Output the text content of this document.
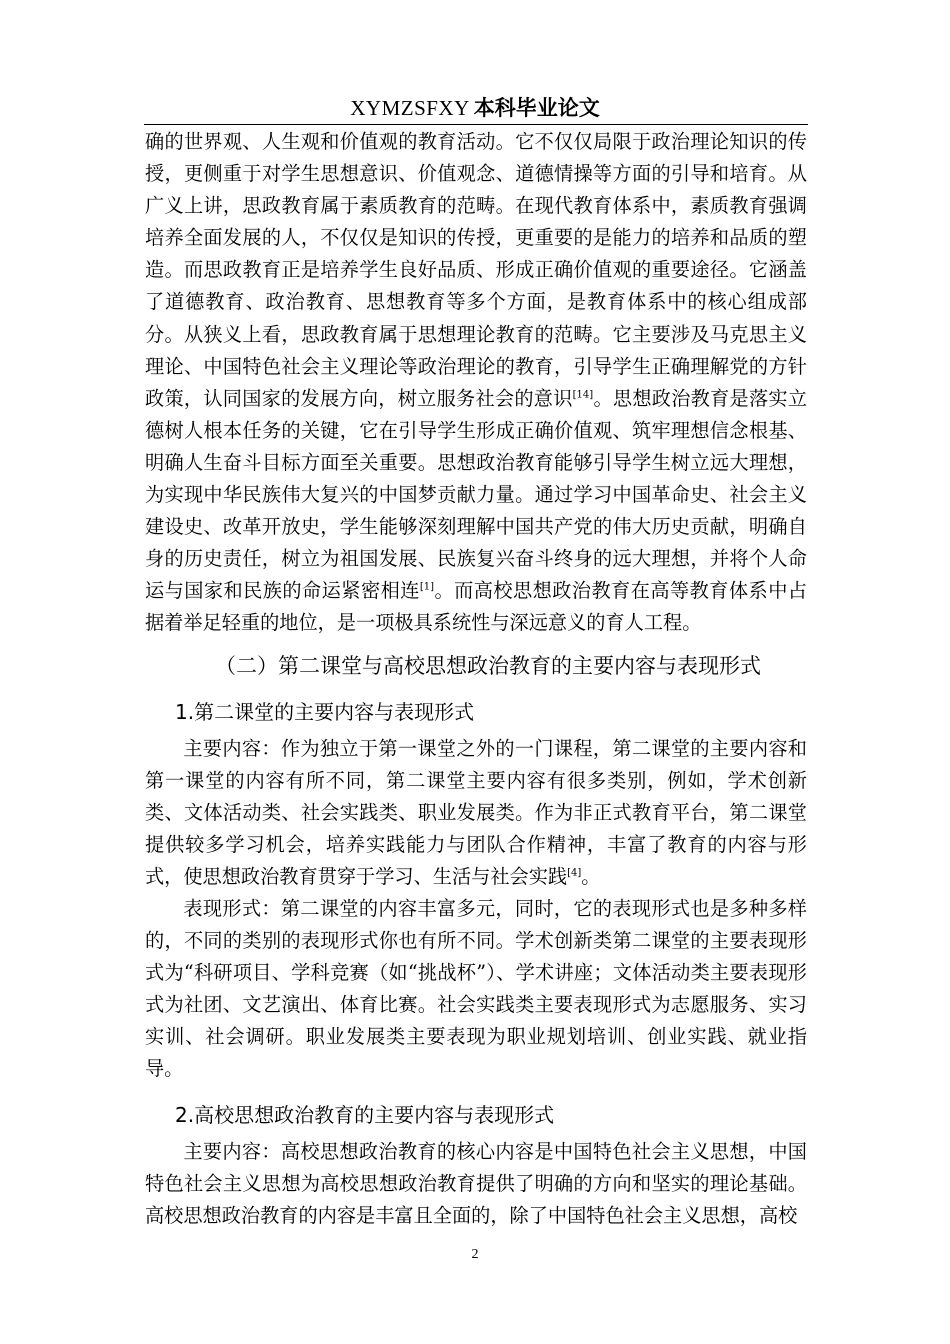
XYMZSFXY 本科毕业论文

确的世界观、人生观和价值观的教育活动。它不仅仅局限于政治理论知识的传授，更侧重于对学生思想意识、价值观念、道德情操等方面的引导和培育。从广义上讲，思政教育属于素质教育的范畴。在现代教育体系中，素质教育强调培养全面发展的人，不仅仅是知识的传授，更重要的是能力的培养和品质的塑造。而思政教育正是培养学生良好品质、形成正确价值观的重要途径。它涵盖了道德教育、政治教育、思想教育等多个方面，是教育体系中的核心组成部分。从狭义上看，思政教育属于思想理论教育的范畴。它主要涉及马克思主义理论、中国特色社会主义理论等政治理论的教育，引导学生正确理解党的方针政策，认同国家的发展方向，树立服务社会的意识[14]。思想政治教育是落实立德树人根本任务的关键，它在引导学生形成正确价值观、筑牢理想信念根基、明确人生奋斗目标方面至关重要。思想政治教育能够引导学生树立远大理想，为实现中华民族伟大复兴的中国梦贡献力量。通过学习中国革命史、社会主义建设史、改革开放史，学生能够深刻理解中国共产党的伟大历史贡献，明确自身的历史责任，树立为祖国发展、民族复兴奋斗终身的远大理想，并将个人命运与国家和民族的命运紧密相连[1]。而高校思想政治教育在高等教育体系中占据着举足轻重的地位，是一项极具系统性与深远意义的育人工程。

（二）第二课堂与高校思想政治教育的主要内容与表现形式

1.第二课堂的主要内容与表现形式

主要内容：作为独立于第一课堂之外的一门课程，第二课堂的主要内容和第一课堂的内容有所不同，第二课堂主要内容有很多类别，例如，学术创新类、文体活动类、社会实践类、职业发展类。作为非正式教育平台，第二课堂提供较多学习机会，培养实践能力与团队合作精神，丰富了教育的内容与形式，使思想政治教育贯穿于学习、生活与社会实践[4]。

表现形式：第二课堂的内容丰富多元，同时，它的表现形式也是多种多样的，不同的类别的表现形式你也有所不同。学术创新类第二课堂的主要表现形式为“科研项目、学科竞赛（如“挑战杯”）、学术讲座；文体活动类主要表现形式为社团、文艺演出、体育比赛。社会实践类主要表现形式为志愿服务、实习实训、社会调研。职业发展类主要表现为职业规划培训、创业实践、就业指导。

2.高校思想政治教育的主要内容与表现形式

主要内容：高校思想政治教育的核心内容是中国特色社会主义思想，中国特色社会主义思想为高校思想政治教育提供了明确的方向和坚实的理论基础。高校思想政治教育的内容是丰富且全面的，除了中国特色社会主义思想，高校

2
